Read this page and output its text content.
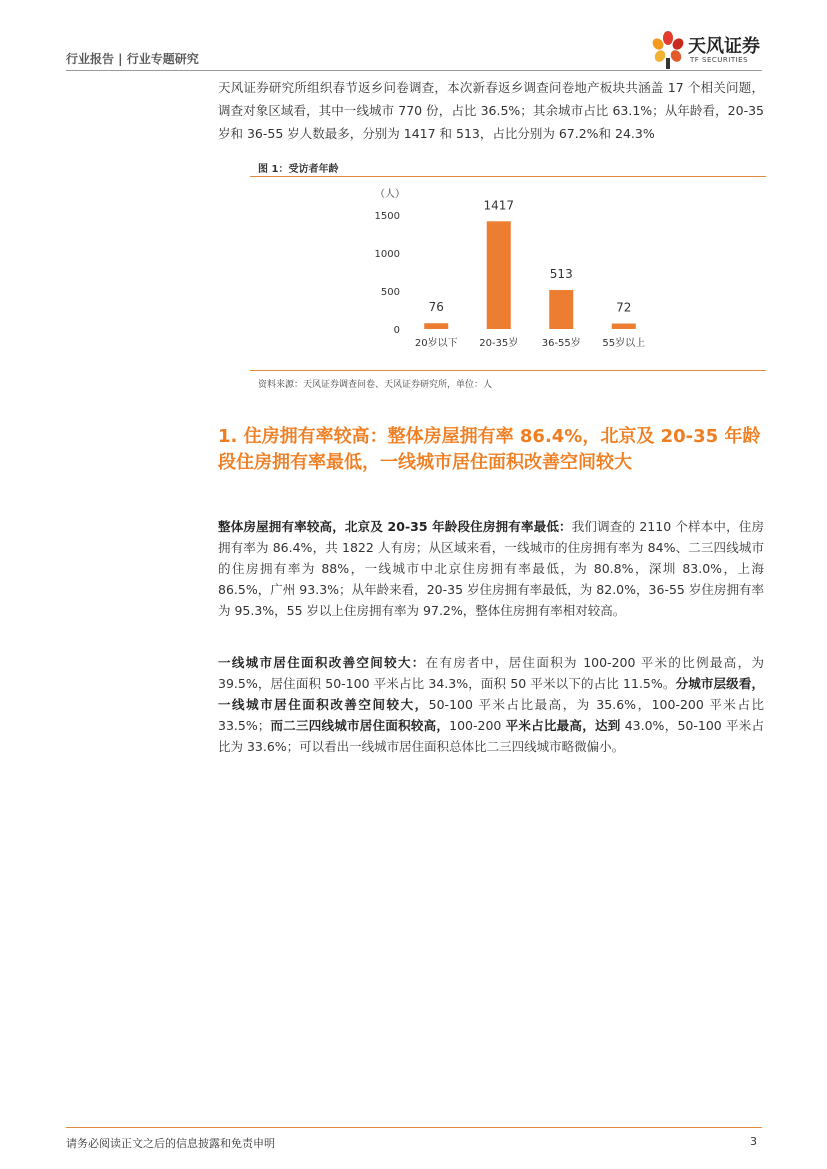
行业报告 | 行业专题研究
天风证券
TF SECURITIES
天风证券研究所组织春节返乡问卷调查，本次新春返乡调查问卷地产板块共涵盖 17 个相关问题，调查对象区域看，其中一线城市 770 份，占比 36.5%；其余城市占比 63.1%；从年龄看，20-35 岁和 36-55 岁人数最多，分别为 1417 和 513，占比分别为 67.2%和 24.3%
图 1：受访者年龄
（人）
0
500
1000
1500
76
20岁以下
1417
20-35岁
513
36-55岁
72
55岁以上
资料来源：天风证券调查问卷、天风证券研究所，单位：人
1. 住房拥有率较高：整体房屋拥有率 86.4%，北京及 20-35 年龄段住房拥有率最低，一线城市居住面积改善空间较大
整体房屋拥有率较高，北京及 20-35 年龄段住房拥有率最低：我们调查的 2110 个样本中，住房拥有率为 86.4%，共 1822 人有房；从区域来看，一线城市的住房拥有率为 84%、二三四线城市的住房拥有率为 88%，一线城市中北京住房拥有率最低，为 80.8%，深圳 83.0%，上海 86.5%，广州 93.3%；从年龄来看，20-35 岁住房拥有率最低，为 82.0%，36-55 岁住房拥有率为 95.3%，55 岁以上住房拥有率为 97.2%，整体住房拥有率相对较高。
一线城市居住面积改善空间较大：在有房者中，居住面积为 100-200 平米的比例最高，为 39.5%，居住面积 50-100 平米占比 34.3%，面积 50 平米以下的占比 11.5%。分城市层级看，一线城市居住面积改善空间较大，50-100 平米占比最高，为 35.6%，100-200 平米占比 33.5%；而二三四线城市居住面积较高，100-200 平米占比最高，达到 43.0%，50-100 平米占比为 33.6%；可以看出一线城市居住面积总体比二三四线城市略微偏小。
请务必阅读正文之后的信息披露和免责申明	3
